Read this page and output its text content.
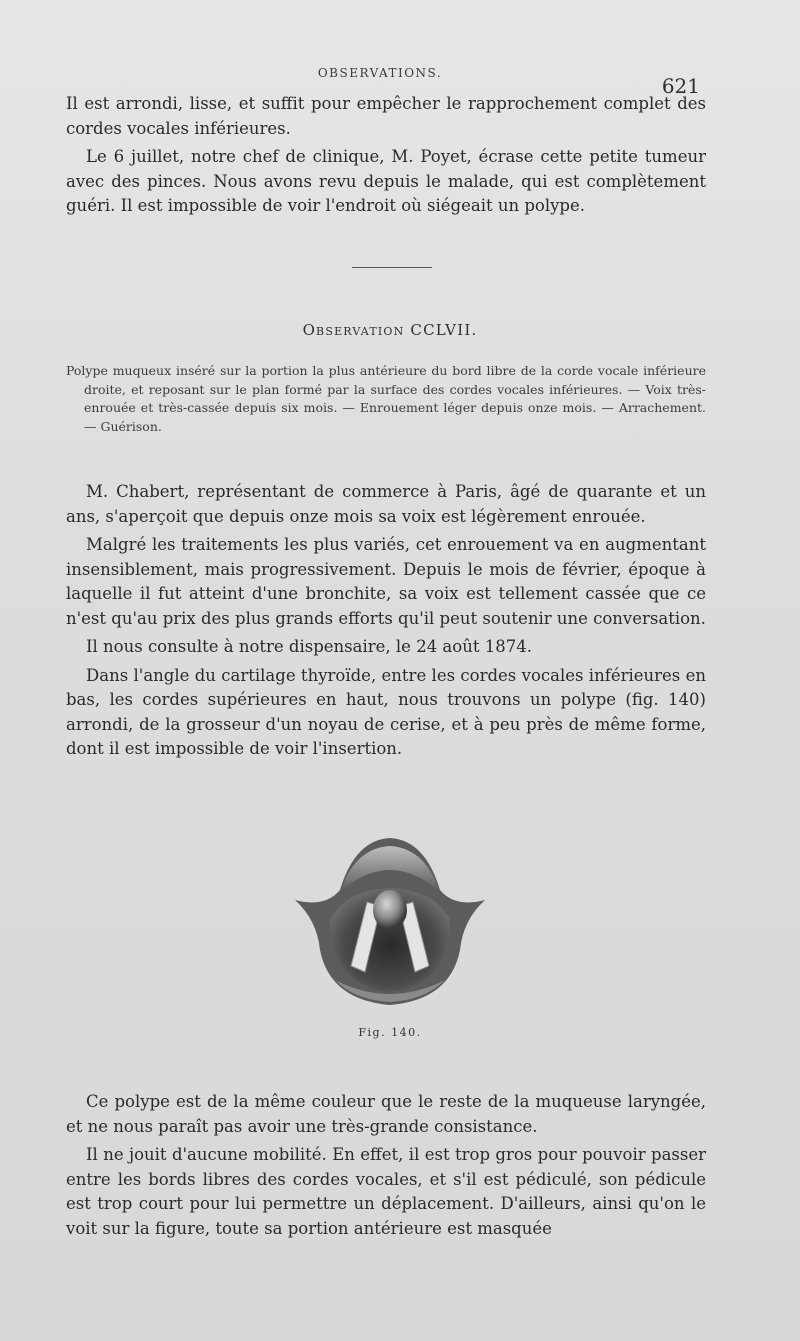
OBSERVATIONS.
621

Il est arrondi, lisse, et suffit pour empêcher le rapprochement complet des cordes vocales inférieures.

Le 6 juillet, notre chef de clinique, M. Poyet, écrase cette petite tumeur avec des pinces. Nous avons revu depuis le malade, qui est complètement guéri. Il est impossible de voir l'endroit où siégeait un polype.

Observation CCLVII.
Polype muqueux inséré sur la portion la plus antérieure du bord libre de la corde vocale inférieure droite, et reposant sur le plan formé par la surface des cordes vocales inférieures. — Voix très-enrouée et très-cassée depuis six mois. — Enrouement léger depuis onze mois. — Arrachement. — Guérison.

M. Chabert, représentant de commerce à Paris, âgé de quarante et un ans, s'aperçoit que depuis onze mois sa voix est légèrement enrouée.

Malgré les traitements les plus variés, cet enrouement va en augmentant insensiblement, mais progressivement. Depuis le mois de février, époque à laquelle il fut atteint d'une bronchite, sa voix est tellement cassée que ce n'est qu'au prix des plus grands efforts qu'il peut soutenir une conversation.

Il nous consulte à notre dispensaire, le 24 août 1874.

Dans l'angle du cartilage thyroïde, entre les cordes vocales inférieures en bas, les cordes supérieures en haut, nous trouvons un polype (fig. 140) arrondi, de la grosseur d'un noyau de cerise, et à peu près de même forme, dont il est impossible de voir l'insertion.

Fig. 140.

Ce polype est de la même couleur que le reste de la muqueuse laryngée, et ne nous paraît pas avoir une très-grande consistance.

Il ne jouit d'aucune mobilité. En effet, il est trop gros pour pouvoir passer entre les bords libres des cordes vocales, et s'il est pédiculé, son pédicule est trop court pour lui permettre un déplacement. D'ailleurs, ainsi qu'on le voit sur la figure, toute sa portion antérieure est masquée
